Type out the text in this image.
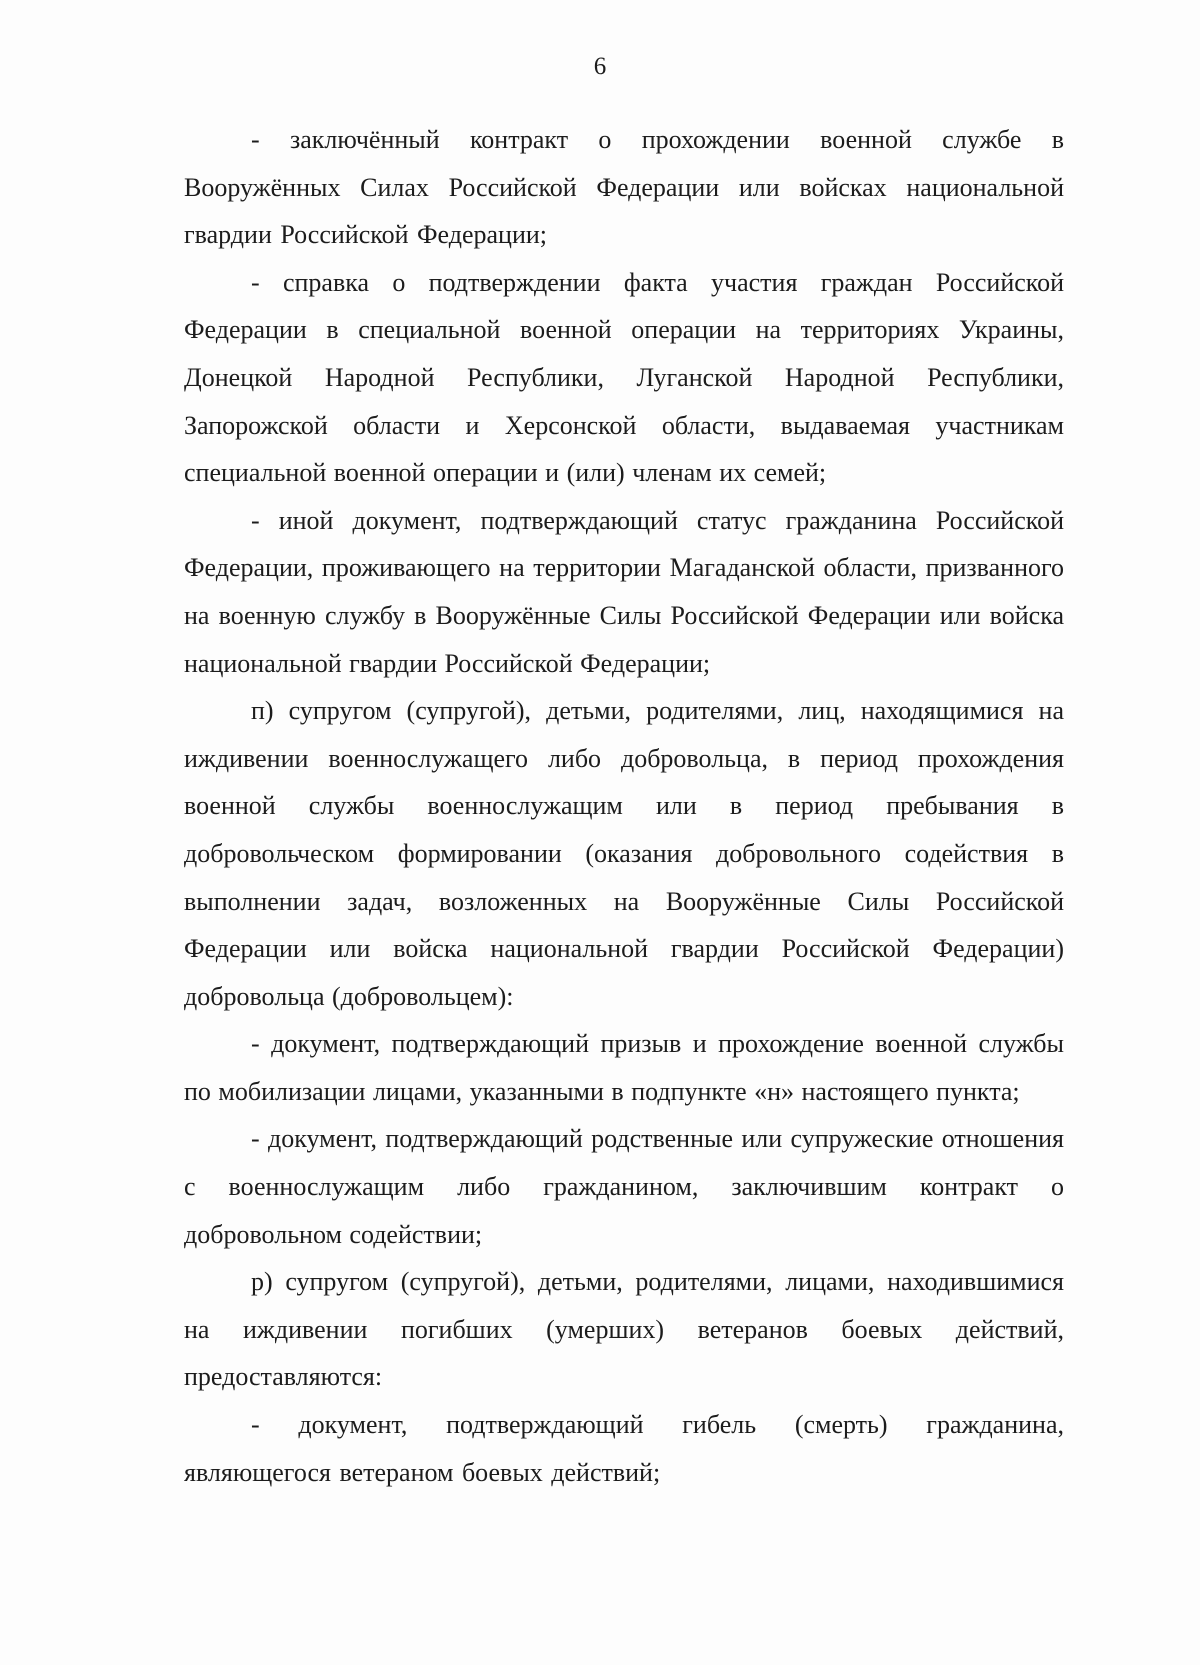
6

- заключённый контракт о прохождении военной службе в Вооружённых Силах Российской Федерации или войсках национальной гвардии Российской Федерации;

- справка о подтверждении факта участия граждан Российской Федерации в специальной военной операции на территориях Украины, Донецкой Народной Республики, Луганской Народной Республики, Запорожской области и Херсонской области, выдаваемая участникам специальной военной операции и (или) членам их семей;

- иной документ, подтверждающий статус гражданина Российской Федерации, проживающего на территории Магаданской области, призванного на военную службу в Вооружённые Силы Российской Федерации или войска национальной гвардии Российской Федерации;

п) супругом (супругой), детьми, родителями, лиц, находящимися на иждивении военнослужащего либо добровольца, в период прохождения военной службы военнослужащим или в период пребывания в добровольческом формировании (оказания добровольного содействия в выполнении задач, возложенных на Вооружённые Силы Российской Федерации или войска национальной гвардии Российской Федерации) добровольца (добровольцем):

- документ, подтверждающий призыв и прохождение военной службы по мобилизации лицами, указанными в подпункте «н» настоящего пункта;

- документ, подтверждающий родственные или супружеские отношения с военнослужащим либо гражданином, заключившим контракт о добровольном содействии;

р) супругом (супругой), детьми, родителями, лицами, находившимися на иждивении погибших (умерших) ветеранов боевых действий, предоставляются:

- документ, подтверждающий гибель (смерть) гражданина, являющегося ветераном боевых действий;
